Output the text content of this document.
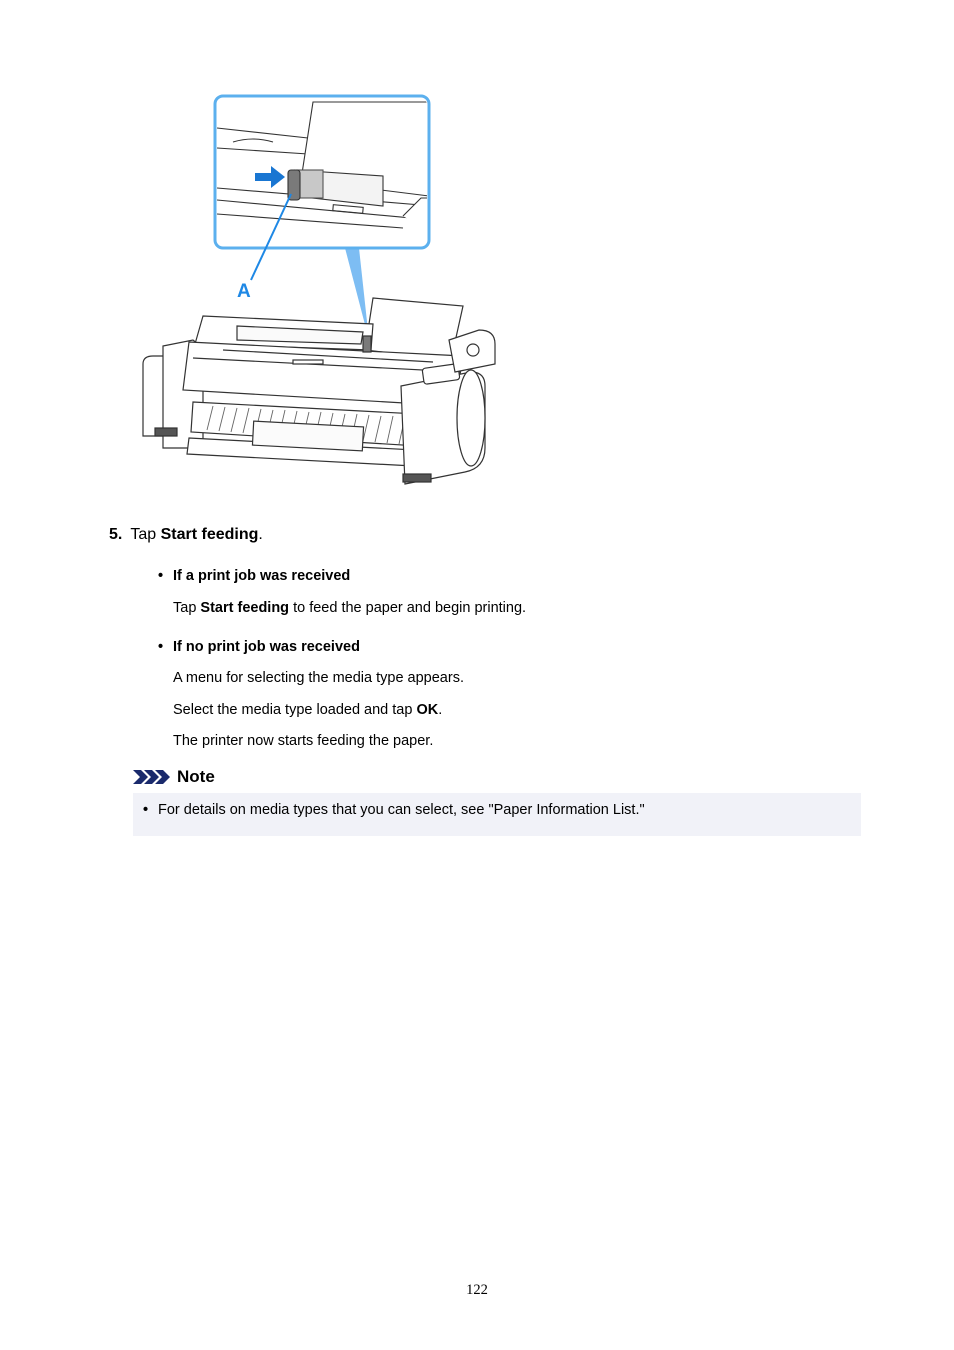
A
5. Tap Start feeding.
• If a print job was received
Tap Start feeding to feed the paper and begin printing.
• If no print job was received
A menu for selecting the media type appears.
Select the media type loaded and tap OK.
The printer now starts feeding the paper.
Note
• For details on media types that you can select, see "Paper Information List."
122
